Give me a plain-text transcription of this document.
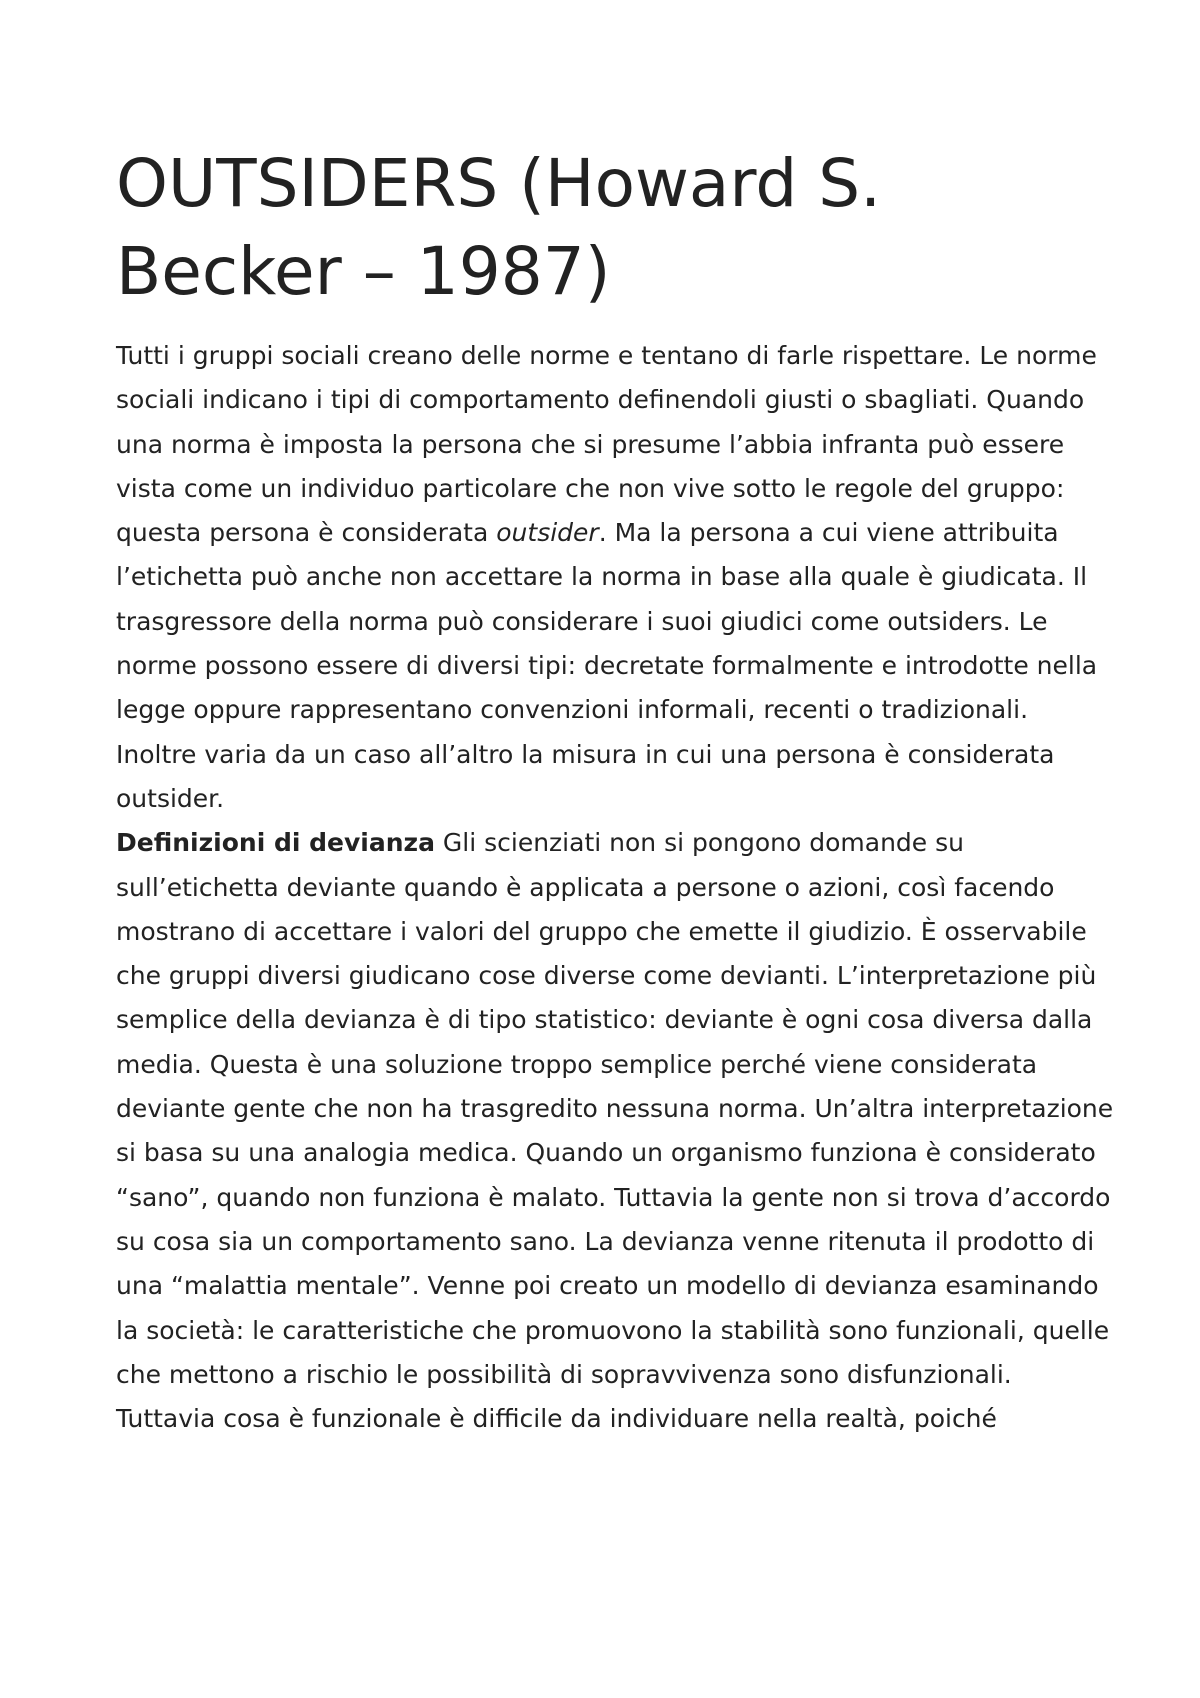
OUTSIDERS (Howard S. Becker – 1987)

Tutti i gruppi sociali creano delle norme e tentano di farle rispettare. Le norme sociali indicano i tipi di comportamento definendoli giusti o sbagliati. Quando una norma è imposta la persona che si presume l’abbia infranta può essere vista come un individuo particolare che non vive sotto le regole del gruppo: questa persona è considerata outsider. Ma la persona a cui viene attribuita l’etichetta può anche non accettare la norma in base alla quale è giudicata. Il trasgressore della norma può considerare i suoi giudici come outsiders. Le norme possono essere di diversi tipi: decretate formalmente e introdotte nella legge oppure rappresentano convenzioni informali, recenti o tradizionali. Inoltre varia da un caso all’altro la misura in cui una persona è considerata outsider.

Definizioni di devianza Gli scienziati non si pongono domande su sull’etichetta deviante quando è applicata a persone o azioni, così facendo mostrano di accettare i valori del gruppo che emette il giudizio. È osservabile che gruppi diversi giudicano cose diverse come devianti. L’interpretazione più semplice della devianza è di tipo statistico: deviante è ogni cosa diversa dalla media. Questa è una soluzione troppo semplice perché viene considerata deviante gente che non ha trasgredito nessuna norma. Un’altra interpretazione si basa su una analogia medica. Quando un organismo funziona è considerato “sano”, quando non funziona è malato. Tuttavia la gente non si trova d’accordo su cosa sia un comportamento sano. La devianza venne ritenuta il prodotto di una “malattia mentale”. Venne poi creato un modello di devianza esaminando la società: le caratteristiche che promuovono la stabilità sono funzionali, quelle che mettono a rischio le possibilità di sopravvivenza sono disfunzionali. Tuttavia cosa è funzionale è difficile da individuare nella realtà, poiché
